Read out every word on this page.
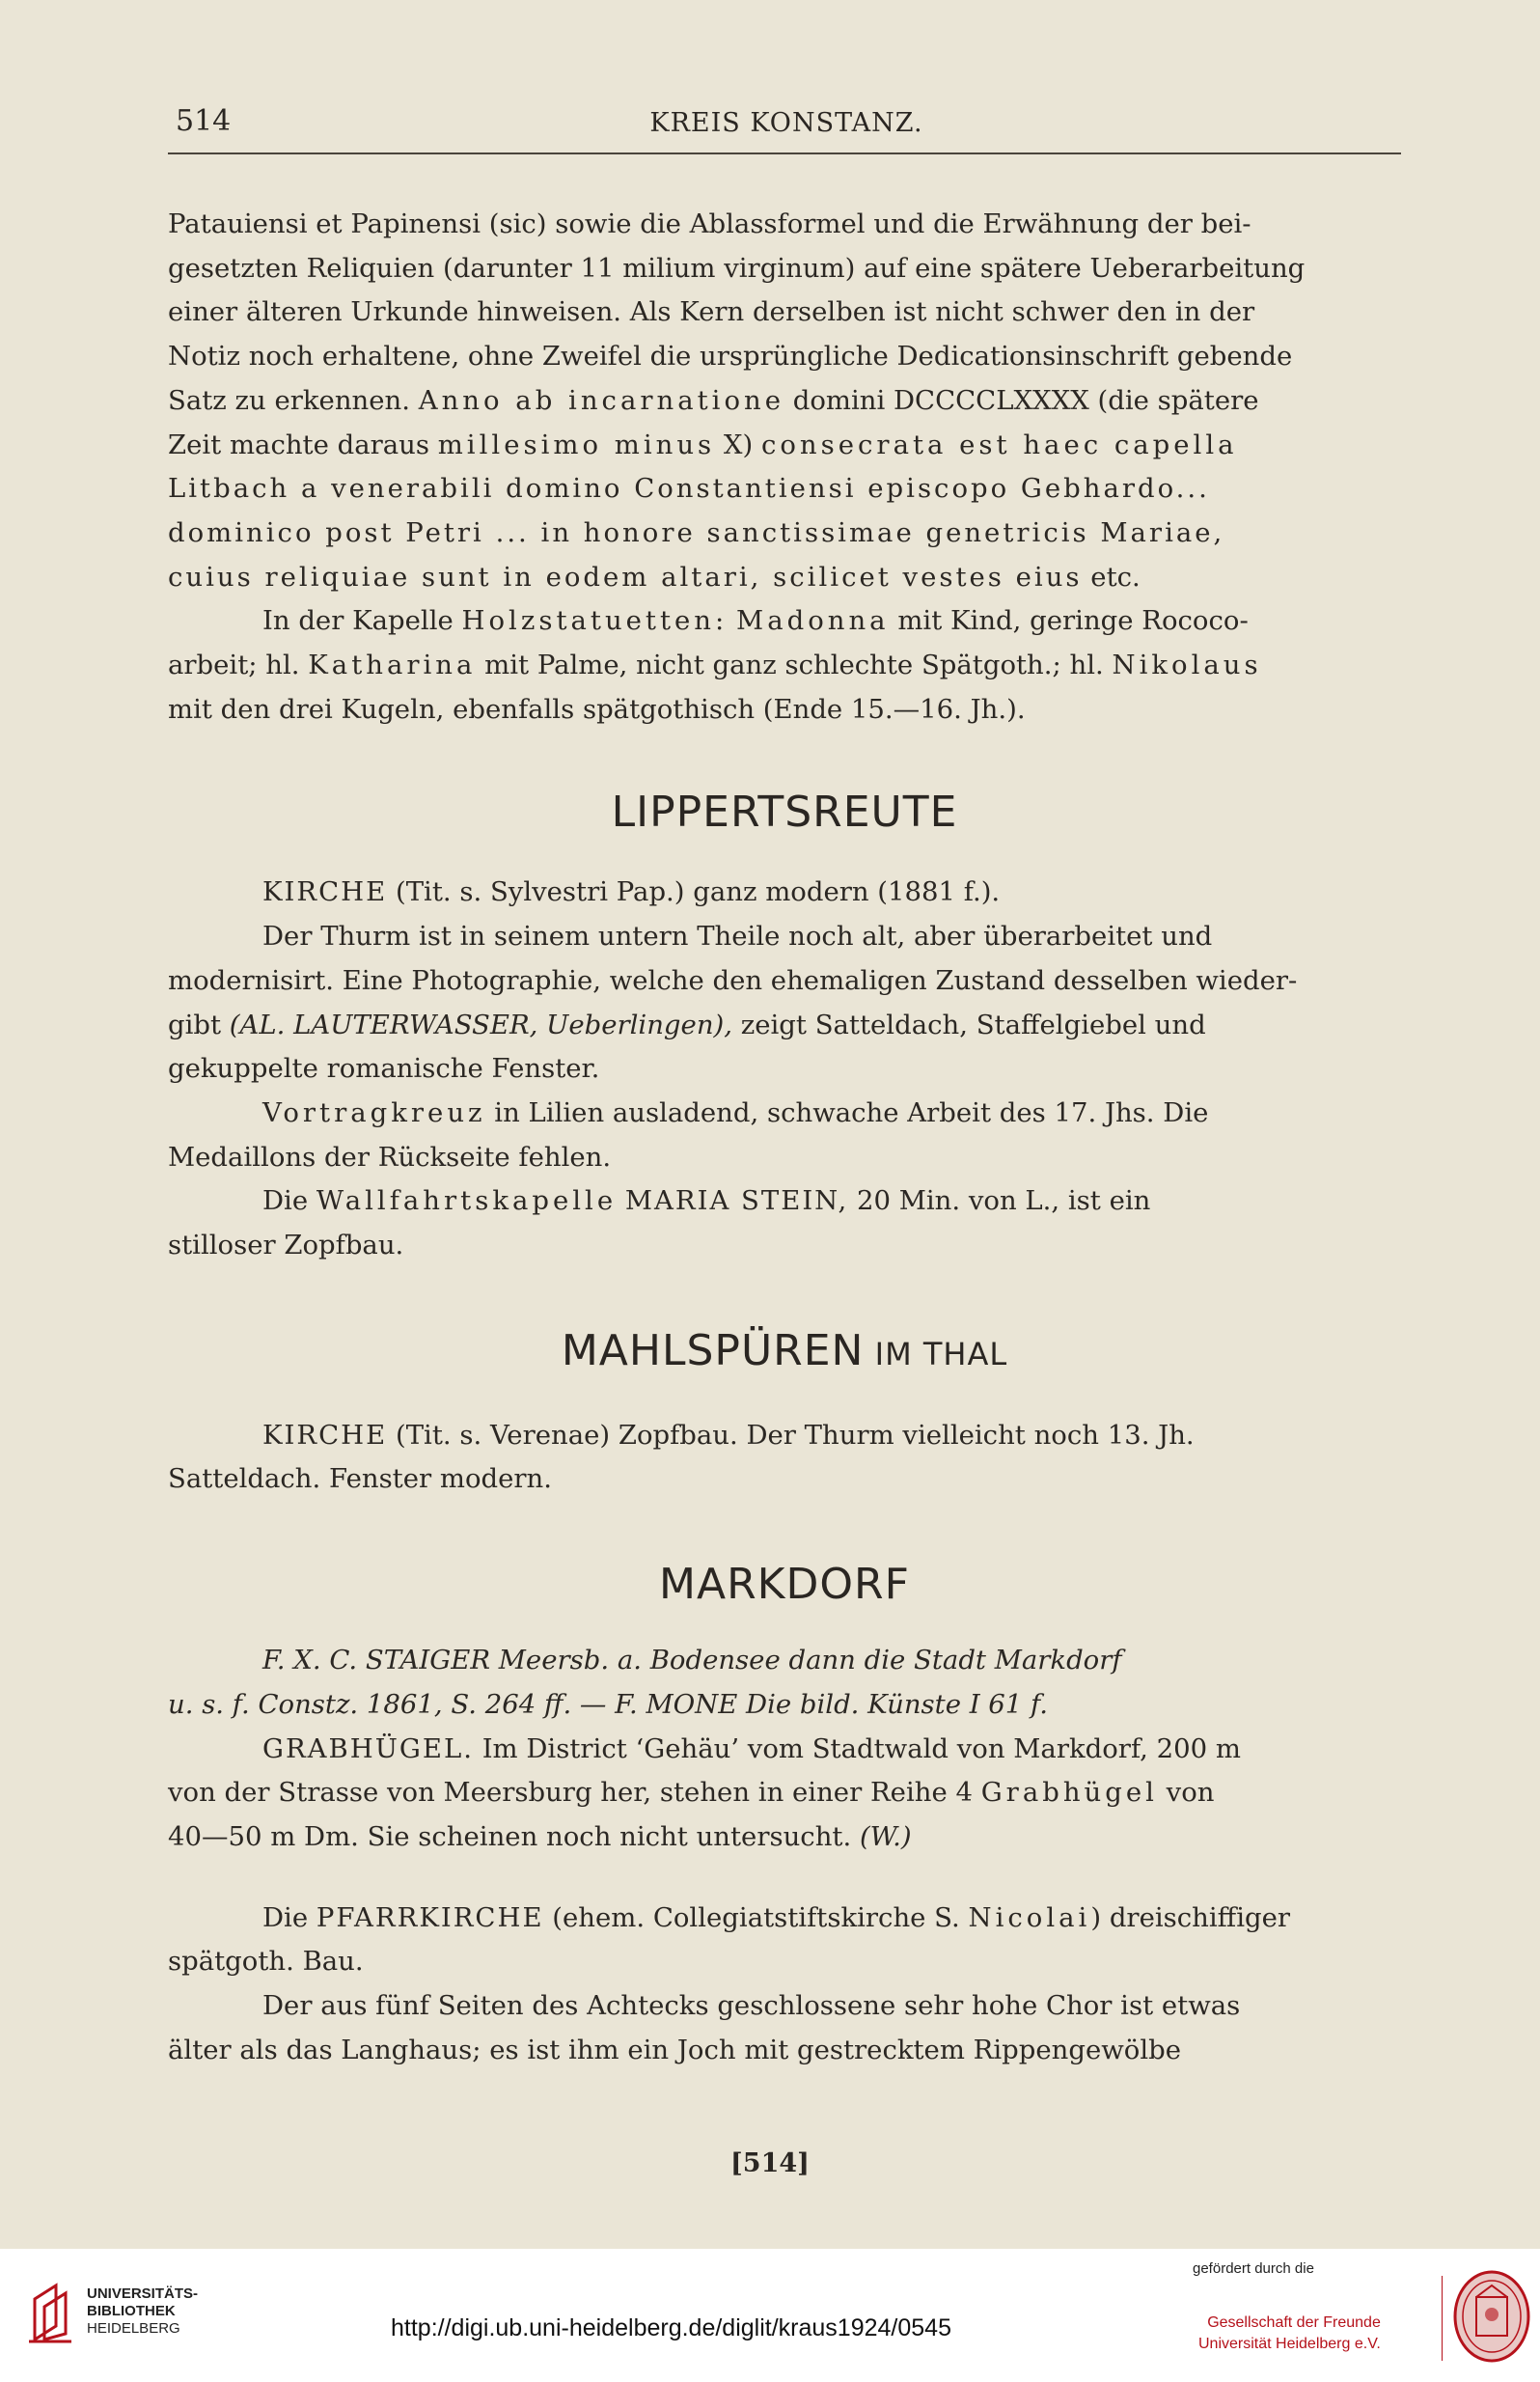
514	KREIS KONSTANZ.

Patauiensi et Papinensi (sic) sowie die Ablassformel und die Erwähnung der bei-
gesetzten Reliquien (darunter 11 milium virginum) auf eine spätere Ueberarbeitung
einer älteren Urkunde hinweisen. Als Kern derselben ist nicht schwer den in der
Notiz noch erhaltene, ohne Zweifel die ursprüngliche Dedicationsinschrift gebende
Satz zu erkennen. Anno ab incarnatione domini DCCCCLXXXX (die spätere
Zeit machte daraus millesimo minus X) consecrata est haec capella
Litbach a venerabili domino Constantiensi episcopo Gebhardo...
dominico post Petri ... in honore sanctissimae genetricis Mariae,
cuius reliquiae sunt in eodem altari, scilicet vestes eius etc.

In der Kapelle Holzstatuetten: Madonna mit Kind, geringe Rococo-
arbeit; hl. Katharina mit Palme, nicht ganz schlechte Spätgoth.; hl. Nikolaus
mit den drei Kugeln, ebenfalls spätgothisch (Ende 15.—16. Jh.).

LIPPERTSREUTE

KIRCHE (Tit. s. Sylvestri Pap.) ganz modern (1881 f.).

Der Thurm ist in seinem untern Theile noch alt, aber überarbeitet und
modernisirt. Eine Photographie, welche den ehemaligen Zustand desselben wieder-
gibt (AL. LAUTERWASSER, Ueberlingen), zeigt Satteldach, Staffelgiebel und
gekuppelte romanische Fenster.

Vortragkreuz in Lilien ausladend, schwache Arbeit des 17. Jhs. Die
Medaillons der Rückseite fehlen.

Die Wallfahrtskapelle MARIA STEIN, 20 Min. von L., ist ein
stilloser Zopfbau.

MAHLSPÜREN IM THAL

KIRCHE (Tit. s. Verenae) Zopfbau. Der Thurm vielleicht noch 13. Jh.
Satteldach. Fenster modern.

MARKDORF

F. X. C. STAIGER Meersb. a. Bodensee dann die Stadt Markdorf
u. s. f. Constz. 1861, S. 264 ff. — F. MONE Die bild. Künste I 61 f.

GRABHÜGEL. Im District ‘Gehäu’ vom Stadtwald von Markdorf, 200 m
von der Strasse von Meersburg her, stehen in einer Reihe 4 Grabhügel von
40—50 m Dm. Sie scheinen noch nicht untersucht. (W.)

Die PFARRKIRCHE (ehem. Collegiatstiftskirche S. Nicolai) dreischiffiger
spätgoth. Bau.

Der aus fünf Seiten des Achtecks geschlossene sehr hohe Chor ist etwas
älter als das Langhaus; es ist ihm ein Joch mit gestrecktem Rippengewölbe

[514]
UNIVERSITÄTS-
BIBLIOTHEK
HEIDELBERG	http://digi.ub.uni-heidelberg.de/diglit/kraus1924/0545
gefördert durch die
Gesellschaft der Freunde
Universität Heidelberg e.V.
